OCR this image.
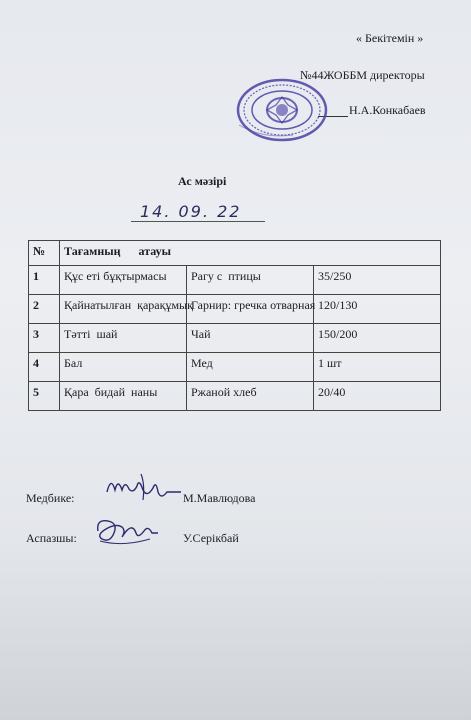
« Бекітемін »
№44ЖОББМ директоры
Н.А.Конкабаев
Ас мәзірі
14. 09. 22
№	Тағамның      атауы		
1	Құс еті бұқтырмасы	Рагу с  птицы	35/250
2	Қайнатылған  қарақұмық	Гарнир: гречка отварная	120/130
3	Тәтті  шай	Чай	150/200
4	Бал	Мед	1 шт
5	Қара  бидай  наны	Ржаной хлеб	20/40
Медбике:	М.Мавлюдова
Аспазшы:	У.Серікбай
